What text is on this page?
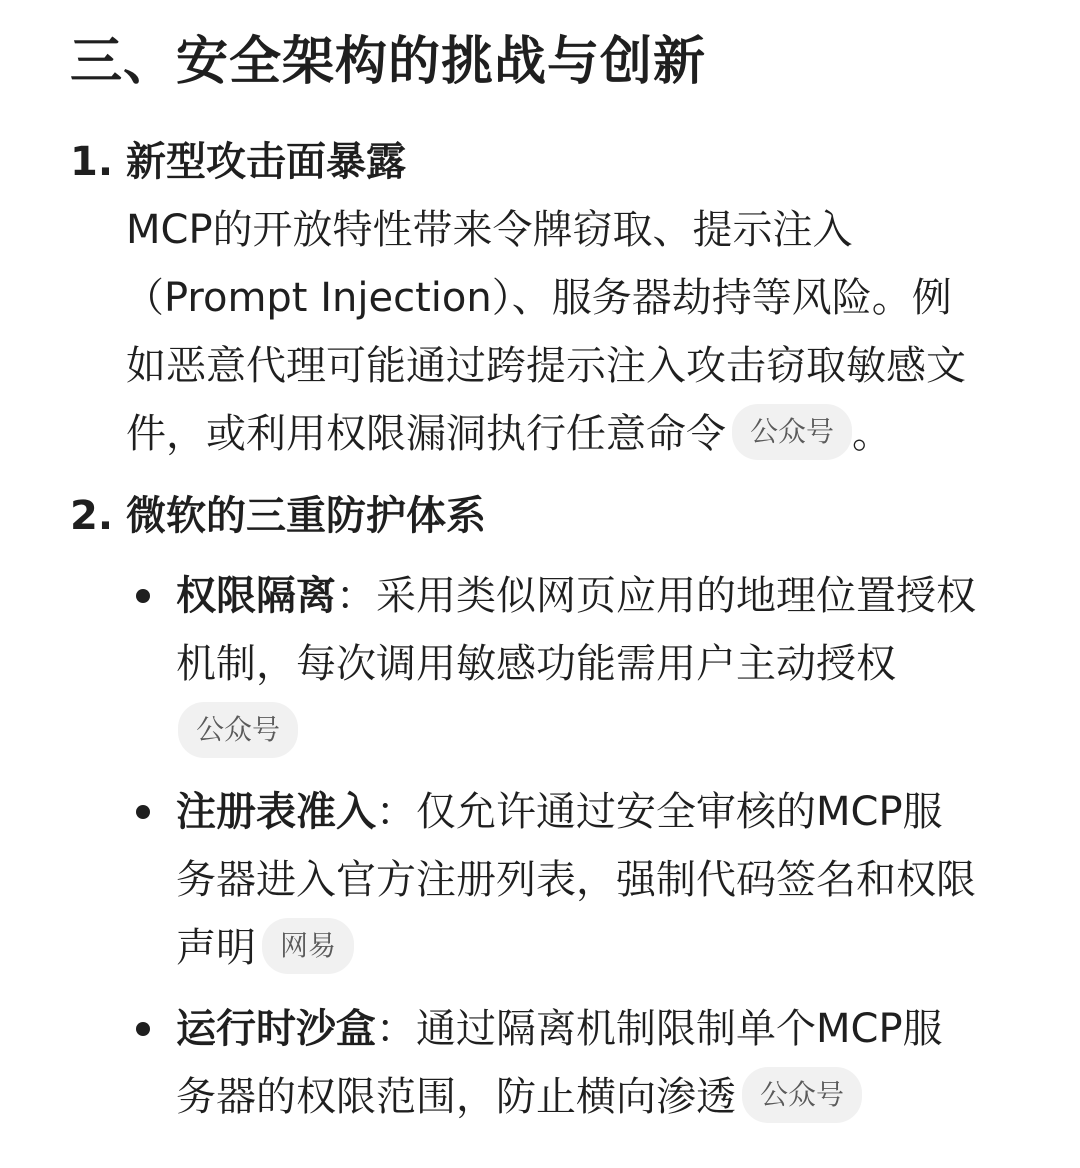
三、安全架构的挑战与创新
1. 新型攻击面暴露
MCP的开放特性带来令牌窃取、提示注入
（Prompt Injection）、服务器劫持等风险。例
如恶意代理可能通过跨提示注入攻击窃取敏感文
件，或利用权限漏洞执行任意命令 公众号 。
2. 微软的三重防护体系
权限隔离：采用类似网页应用的地理位置授权
机制，每次调用敏感功能需用户主动授权
公众号
注册表准入：仅允许通过安全审核的MCP服
务器进入官方注册列表，强制代码签名和权限
声明 网易
运行时沙盒：通过隔离机制限制单个MCP服
务器的权限范围，防止横向渗透 公众号
